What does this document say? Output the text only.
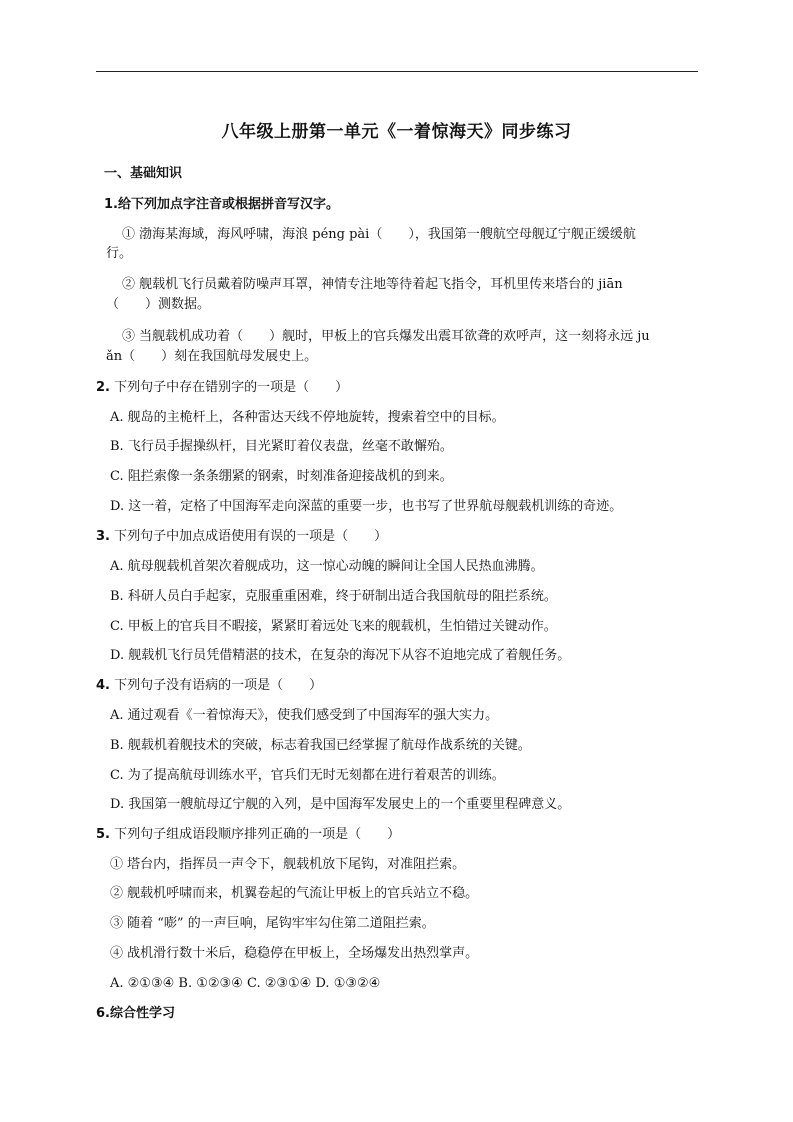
八年级上册第一单元《一着惊海天》同步练习
一、基础知识
1.给下列加点字注音或根据拼音写汉字。
① 渤海某海域，海风呼啸，海浪 péng pài（　　），我国第一艘航空母舰辽宁舰正缓缓航
行。
② 舰载机飞行员戴着防噪声耳罩，神情专注地等待着起飞指令，耳机里传来塔台的 jiān
（　　）测数据。
③ 当舰载机成功着（　　）舰时，甲板上的官兵爆发出震耳欲聋的欢呼声，这一刻将永远 ju
ǎn（　　）刻在我国航母发展史上。
2. 下列句子中存在错别字的一项是（　　）
A. 舰岛的主桅杆上，各种雷达天线不停地旋转，搜索着空中的目标。
B. 飞行员手握操纵杆，目光紧盯着仪表盘，丝毫不敢懈殆。
C. 阻拦索像一条条绷紧的钢索，时刻准备迎接战机的到来。
D. 这一着，定格了中国海军走向深蓝的重要一步，也书写了世界航母舰载机训练的奇迹。
3. 下列句子中加点成语使用有误的一项是（　　）
A. 航母舰载机首架次着舰成功，这一惊心动魄的瞬间让全国人民热血沸腾。
B. 科研人员白手起家，克服重重困难，终于研制出适合我国航母的阻拦系统。
C. 甲板上的官兵目不暇接，紧紧盯着远处飞来的舰载机，生怕错过关键动作。
D. 舰载机飞行员凭借精湛的技术，在复杂的海况下从容不迫地完成了着舰任务。
4. 下列句子没有语病的一项是（　　）
A. 通过观看《一着惊海天》，使我们感受到了中国海军的强大实力。
B. 舰载机着舰技术的突破，标志着我国已经掌握了航母作战系统的关键。
C. 为了提高航母训练水平，官兵们无时无刻都在进行着艰苦的训练。
D. 我国第一艘航母辽宁舰的入列，是中国海军发展史上的一个重要里程碑意义。
5. 下列句子组成语段顺序排列正确的一项是（　　）
① 塔台内，指挥员一声令下，舰载机放下尾钩，对准阻拦索。
② 舰载机呼啸而来，机翼卷起的气流让甲板上的官兵站立不稳。
③ 随着 “嘭” 的一声巨响，尾钩牢牢勾住第二道阻拦索。
④ 战机滑行数十米后，稳稳停在甲板上，全场爆发出热烈掌声。
A. ②①③④ B. ①②③④ C. ②③①④ D. ①③②④
6.综合性学习
